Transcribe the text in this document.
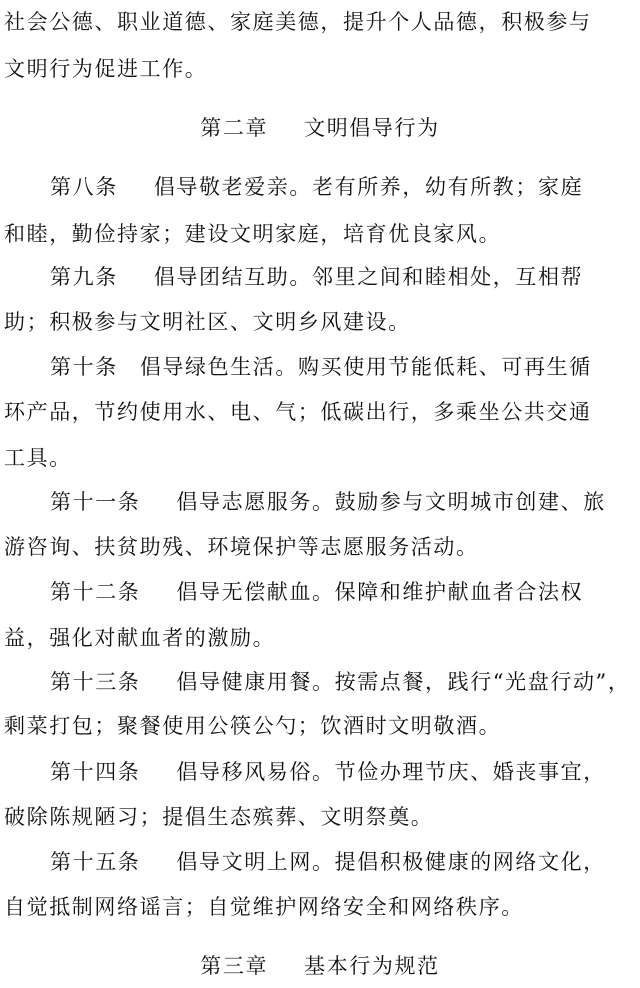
社会公德、职业道德、家庭美德，提升个人品德，积极参与
文明行为促进工作。
第二章 文明倡导行为
第八条 倡导敬老爱亲。老有所养，幼有所教；家庭
和睦，勤俭持家；建设文明家庭，培育优良家风。
第九条 倡导团结互助。邻里之间和睦相处，互相帮
助；积极参与文明社区、文明乡风建设。
第十条 倡导绿色生活。购买使用节能低耗、可再生循
环产品，节约使用水、电、气；低碳出行，多乘坐公共交通
工具。
第十一条 倡导志愿服务。鼓励参与文明城市创建、旅
游咨询、扶贫助残、环境保护等志愿服务活动。
第十二条 倡导无偿献血。保障和维护献血者合法权
益，强化对献血者的激励。
第十三条 倡导健康用餐。按需点餐，践行“光盘行动”，
剩菜打包；聚餐使用公筷公勺；饮酒时文明敬酒。
第十四条 倡导移风易俗。节俭办理节庆、婚丧事宜，
破除陈规陋习；提倡生态殡葬、文明祭奠。
第十五条 倡导文明上网。提倡积极健康的网络文化，
自觉抵制网络谣言；自觉维护网络安全和网络秩序。
第三章 基本行为规范
